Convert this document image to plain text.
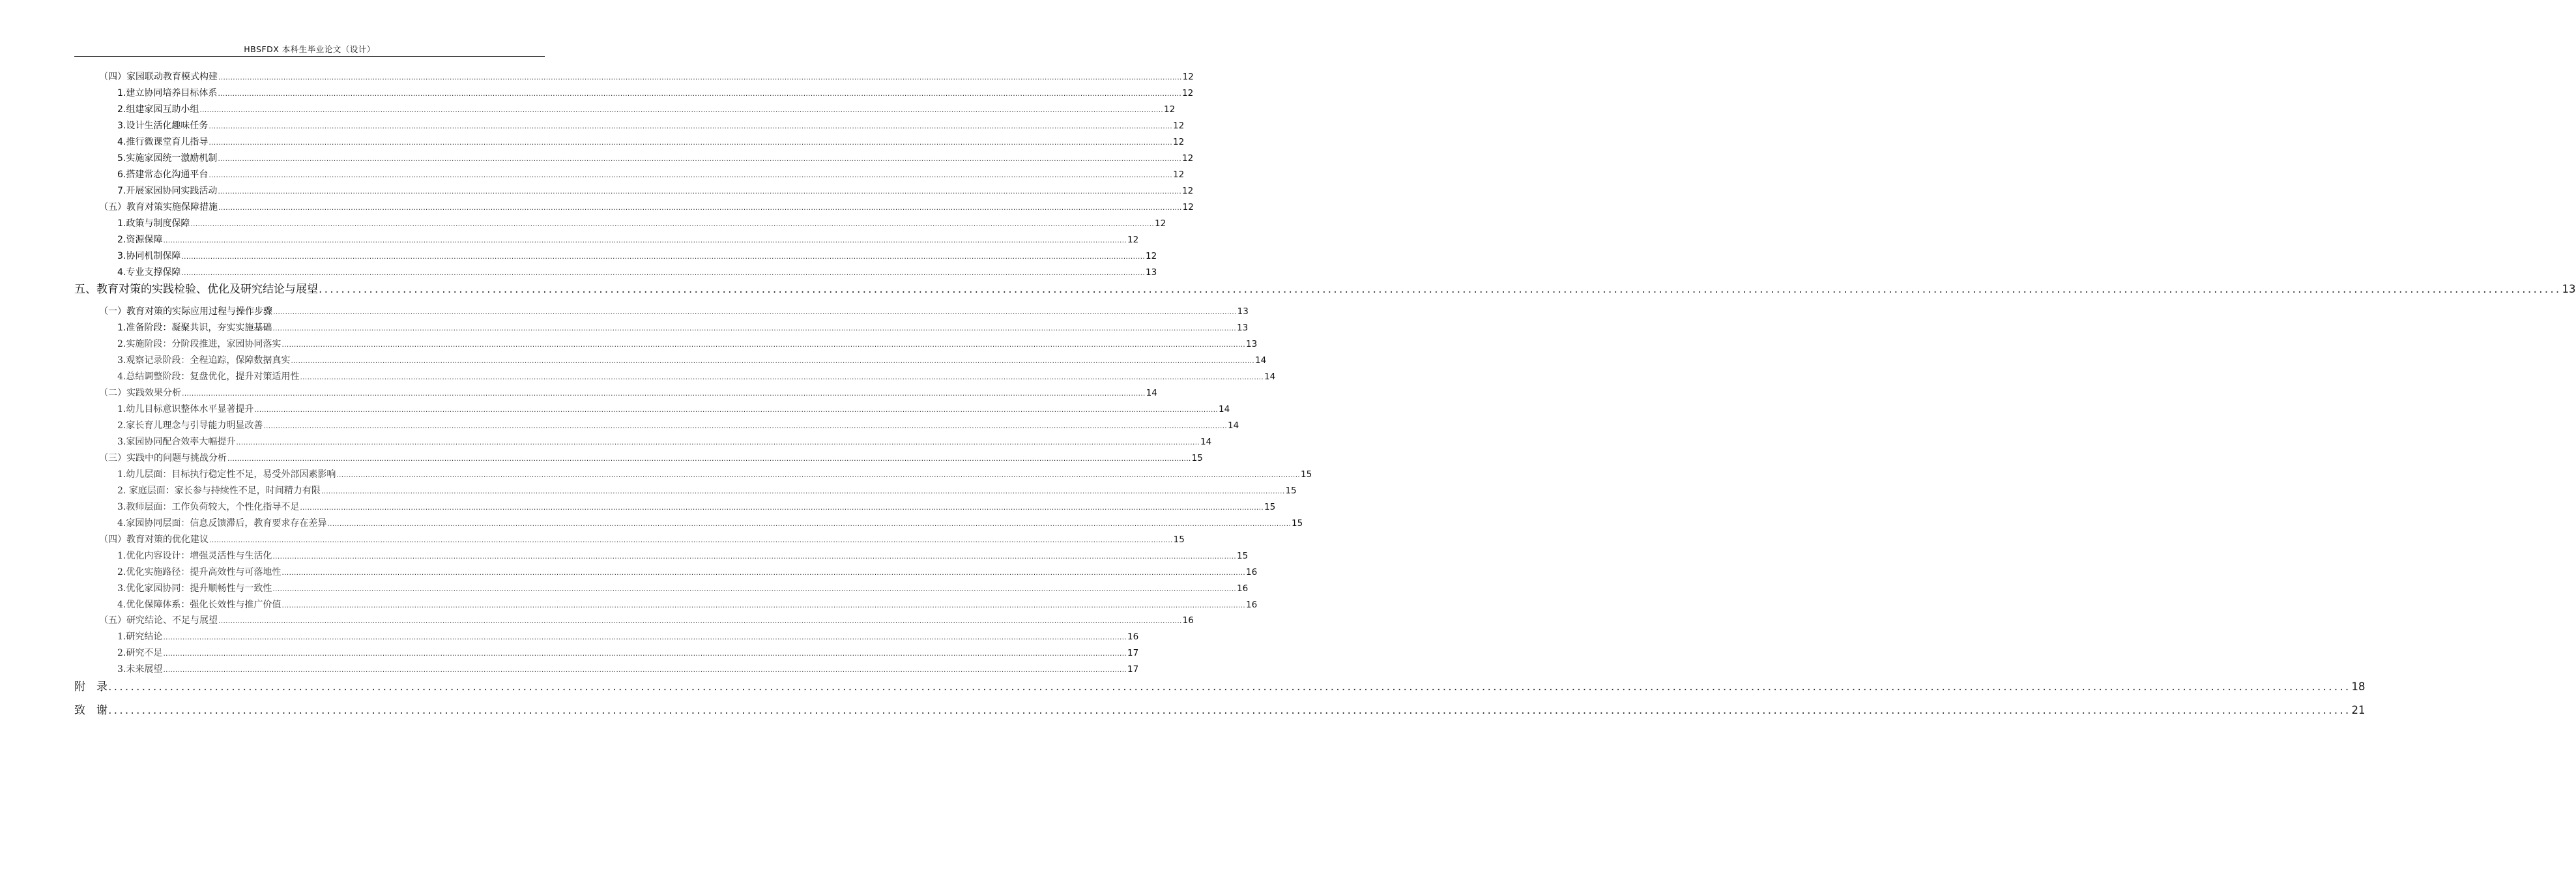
HBSFDX 本科生毕业论文（设计）
（四）家园联动教育模式构建 ................................................................................................................................................................................................................................................................................................................................................................................................................ 12
1.建立协同培养目标体系 ................................................................................................................................................................................................................................................................................................................................................................................................................ 12
2.组建家园互助小组 ................................................................................................................................................................................................................................................................................................................................................................................................................ 12
3.设计生活化趣味任务 ................................................................................................................................................................................................................................................................................................................................................................................................................ 12
4.推行微课堂育儿指导 ................................................................................................................................................................................................................................................................................................................................................................................................................ 12
5.实施家园统一激励机制 ................................................................................................................................................................................................................................................................................................................................................................................................................ 12
6.搭建常态化沟通平台 ................................................................................................................................................................................................................................................................................................................................................................................................................ 12
7.开展家园协同实践活动 ................................................................................................................................................................................................................................................................................................................................................................................................................ 12
（五）教育对策实施保障措施 ................................................................................................................................................................................................................................................................................................................................................................................................................ 12
1.政策与制度保障 ................................................................................................................................................................................................................................................................................................................................................................................................................ 12
2.资源保障 ................................................................................................................................................................................................................................................................................................................................................................................................................ 12
3.协同机制保障 ................................................................................................................................................................................................................................................................................................................................................................................................................ 12
4.专业支撑保障 ................................................................................................................................................................................................................................................................................................................................................................................................................ 13
五、教育对策的实践检验、优化及研究结论与展望 ................................................................................................................................................................................................................................................................................................................................................................................................................ 13
（一）教育对策的实际应用过程与操作步骤 ................................................................................................................................................................................................................................................................................................................................................................................................................ 13
1.准备阶段：凝聚共识，夯实实施基础 ................................................................................................................................................................................................................................................................................................................................................................................................................ 13
2.实施阶段：分阶段推进，家园协同落实 ................................................................................................................................................................................................................................................................................................................................................................................................................ 13
3.观察记录阶段：全程追踪，保障数据真实 ................................................................................................................................................................................................................................................................................................................................................................................................................ 14
4.总结调整阶段：复盘优化，提升对策适用性 ................................................................................................................................................................................................................................................................................................................................................................................................................ 14
（二）实践效果分析 ................................................................................................................................................................................................................................................................................................................................................................................................................ 14
1.幼儿目标意识整体水平显著提升 ................................................................................................................................................................................................................................................................................................................................................................................................................ 14
2.家长育儿理念与引导能力明显改善 ................................................................................................................................................................................................................................................................................................................................................................................................................ 14
3.家园协同配合效率大幅提升 ................................................................................................................................................................................................................................................................................................................................................................................................................ 14
（三）实践中的问题与挑战分析 ................................................................................................................................................................................................................................................................................................................................................................................................................ 15
1.幼儿层面：目标执行稳定性不足，易受外部因素影响 ................................................................................................................................................................................................................................................................................................................................................................................................................ 15
2. 家庭层面：家长参与持续性不足，时间精力有限 ................................................................................................................................................................................................................................................................................................................................................................................................................ 15
3.教师层面：工作负荷较大，个性化指导不足 ................................................................................................................................................................................................................................................................................................................................................................................................................ 15
4.家园协同层面：信息反馈滞后，教育要求存在差异 ................................................................................................................................................................................................................................................................................................................................................................................................................ 15
（四）教育对策的优化建议 ................................................................................................................................................................................................................................................................................................................................................................................................................ 15
1.优化内容设计：增强灵活性与生活化 ................................................................................................................................................................................................................................................................................................................................................................................................................ 15
2.优化实施路径：提升高效性与可落地性 ................................................................................................................................................................................................................................................................................................................................................................................................................ 16
3.优化家园协同：提升顺畅性与一致性 ................................................................................................................................................................................................................................................................................................................................................................................................................ 16
4.优化保障体系：强化长效性与推广价值 ................................................................................................................................................................................................................................................................................................................................................................................................................ 16
（五）研究结论、不足与展望 ................................................................................................................................................................................................................................................................................................................................................................................................................ 16
1.研究结论 ................................................................................................................................................................................................................................................................................................................................................................................................................ 16
2.研究不足 ................................................................................................................................................................................................................................................................................................................................................................................................................ 17
3.未来展望 ................................................................................................................................................................................................................................................................................................................................................................................................................ 17
附　录 ................................................................................................................................................................................................................................................................................................................................................................................................................ 18
致　谢 ................................................................................................................................................................................................................................................................................................................................................................................................................ 21
